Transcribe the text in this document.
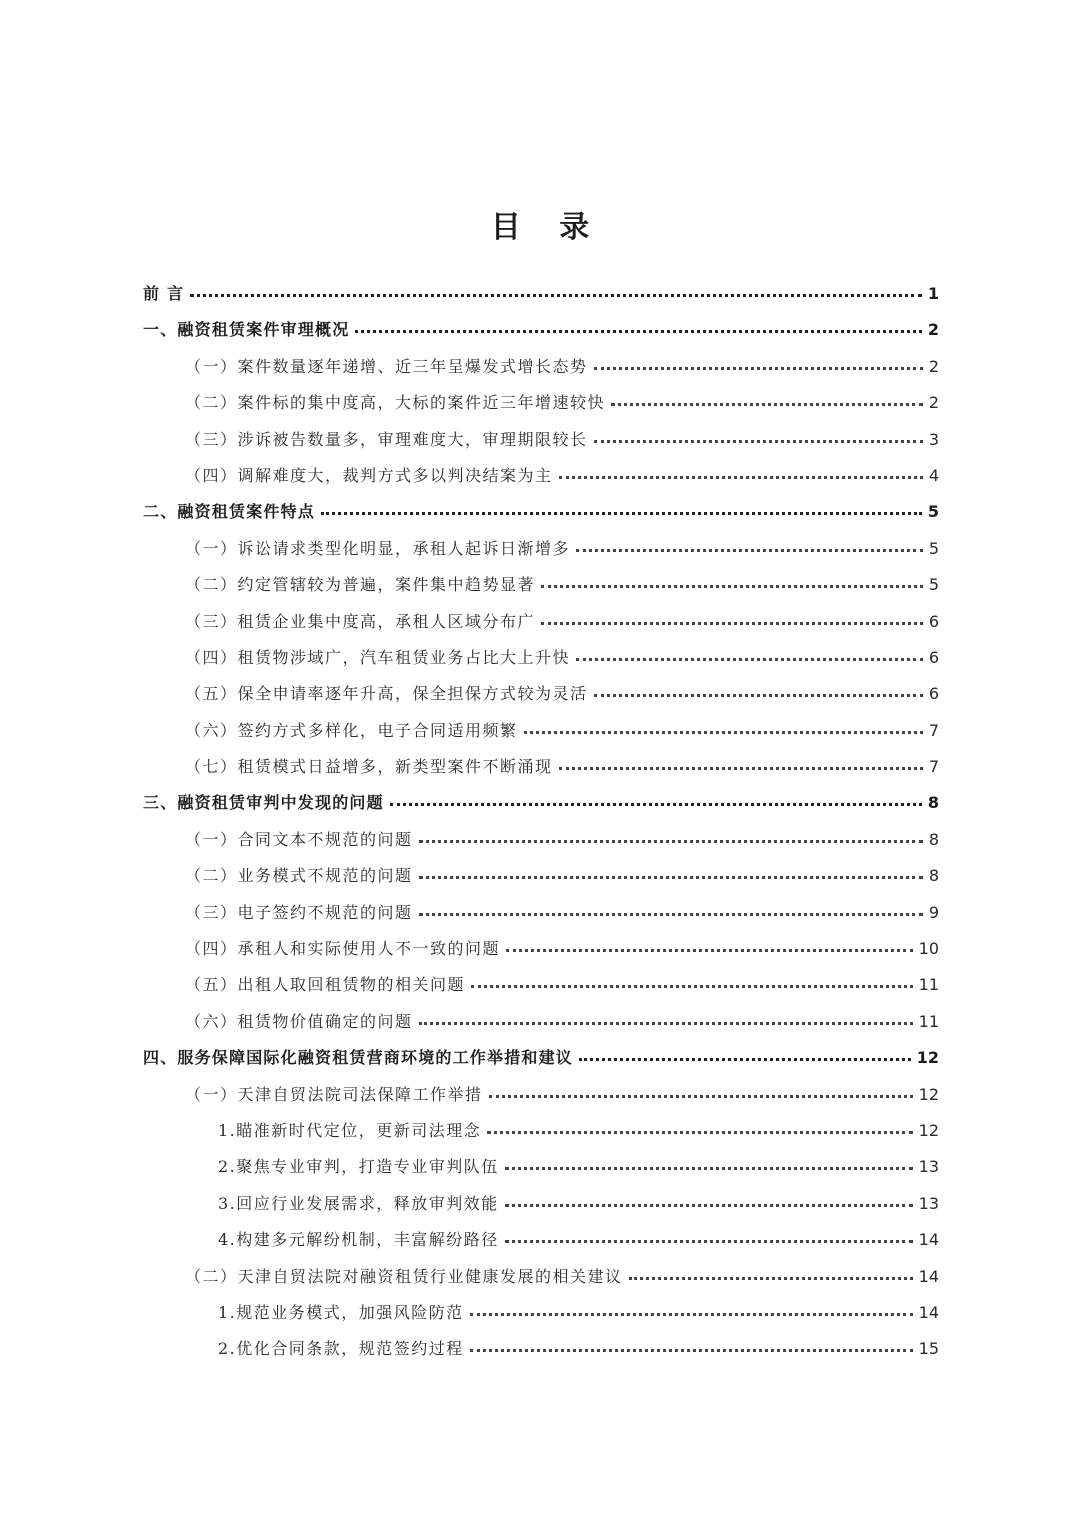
目 录
前 言	1
一、融资租赁案件审理概况	2
（一）案件数量逐年递增、近三年呈爆发式增长态势	2
（二）案件标的集中度高，大标的案件近三年增速较快	2
（三）涉诉被告数量多，审理难度大，审理期限较长	3
（四）调解难度大，裁判方式多以判决结案为主	4
二、融资租赁案件特点	5
（一）诉讼请求类型化明显，承租人起诉日渐增多	5
（二）约定管辖较为普遍，案件集中趋势显著	5
（三）租赁企业集中度高，承租人区域分布广	6
（四）租赁物涉域广，汽车租赁业务占比大上升快	6
（五）保全申请率逐年升高，保全担保方式较为灵活	6
（六）签约方式多样化，电子合同适用频繁	7
（七）租赁模式日益增多，新类型案件不断涌现	7
三、融资租赁审判中发现的问题	8
（一）合同文本不规范的问题	8
（二）业务模式不规范的问题	8
（三）电子签约不规范的问题	9
（四）承租人和实际使用人不一致的问题	10
（五）出租人取回租赁物的相关问题	11
（六）租赁物价值确定的问题	11
四、服务保障国际化融资租赁营商环境的工作举措和建议	12
（一）天津自贸法院司法保障工作举措	12
1.瞄准新时代定位，更新司法理念	12
2.聚焦专业审判，打造专业审判队伍	13
3.回应行业发展需求，释放审判效能	13
4.构建多元解纷机制，丰富解纷路径	14
（二）天津自贸法院对融资租赁行业健康发展的相关建议	14
1.规范业务模式，加强风险防范	14
2.优化合同条款，规范签约过程	15
